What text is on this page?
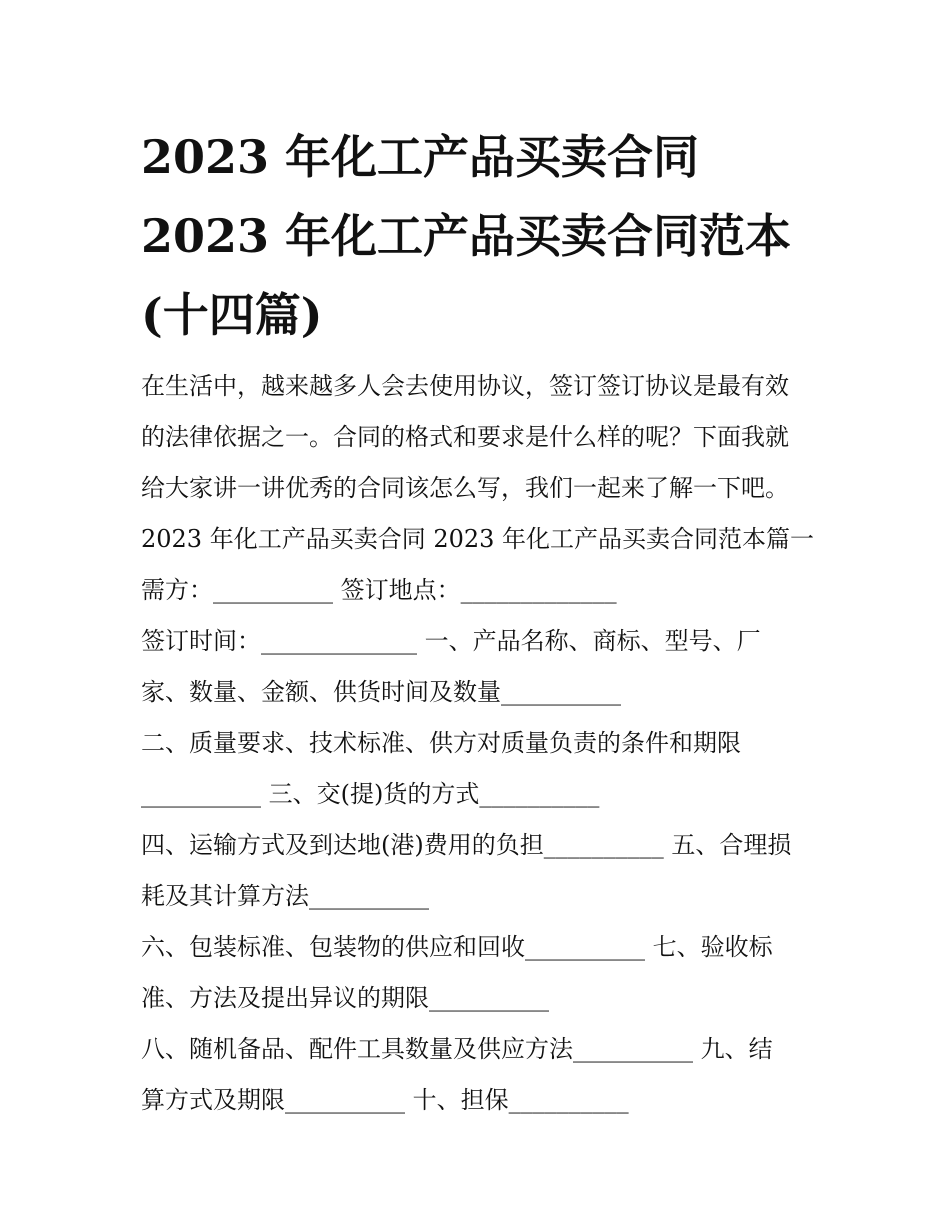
2023 年化工产品买卖合同
2023 年化工产品买卖合同范本
(十四篇)

在生活中，越来越多人会去使用协议，签订签订协议是最有效

的法律依据之一。合同的格式和要求是什么样的呢？下面我就

给大家讲一讲优秀的合同该怎么写，我们一起来了解一下吧。

2023 年化工产品买卖合同 2023 年化工产品买卖合同范本篇一

需方：__________ 签订地点：_____________

签订时间：_____________ 一、产品名称、商标、型号、厂

家、数量、金额、供货时间及数量__________

二、质量要求、技术标准、供方对质量负责的条件和期限

__________ 三、交(提)货的方式__________

四、运输方式及到达地(港)费用的负担__________ 五、合理损

耗及其计算方法__________

六、包装标准、包装物的供应和回收__________ 七、验收标

准、方法及提出异议的期限__________

八、随机备品、配件工具数量及供应方法__________ 九、结

算方式及期限__________ 十、担保__________
